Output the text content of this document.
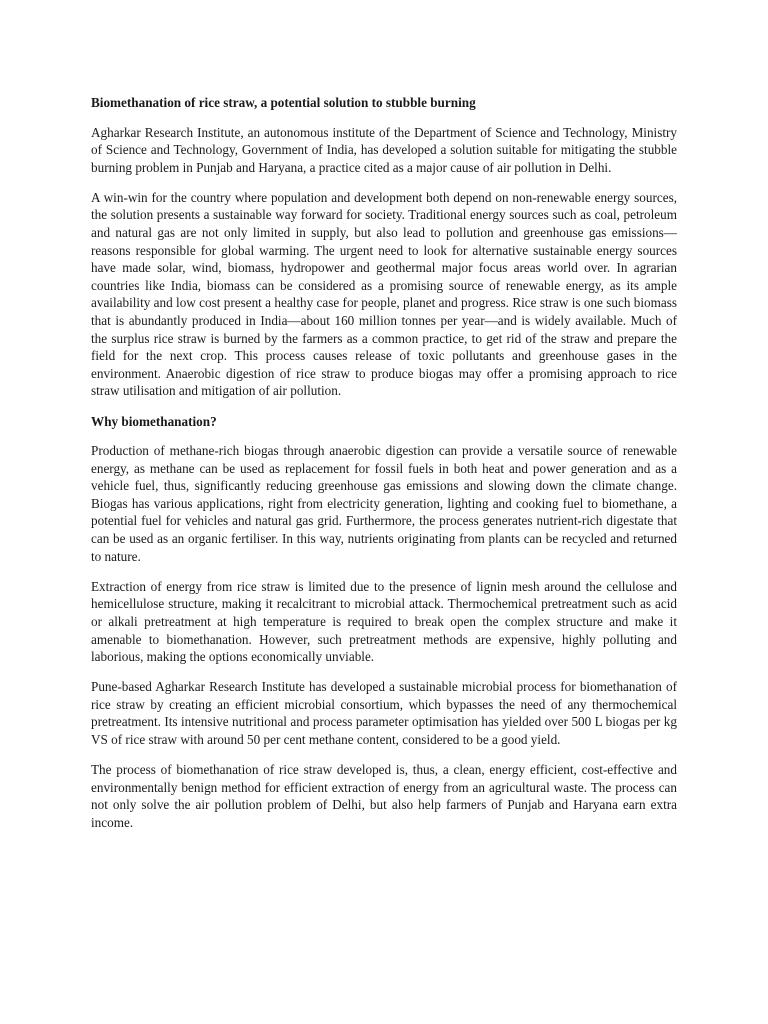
Biomethanation of rice straw, a potential solution to stubble burning

Agharkar Research Institute, an autonomous institute of the Department of Science and Technology, Ministry of Science and Technology, Government of India, has developed a solution suitable for mitigating the stubble burning problem in Punjab and Haryana, a practice cited as a major cause of air pollution in Delhi.

A win-win for the country where population and development both depend on non-renewable energy sources, the solution presents a sustainable way forward for society. Traditional energy sources such as coal, petroleum and natural gas are not only limited in supply, but also lead to pollution and greenhouse gas emissions—reasons responsible for global warming. The urgent need to look for alternative sustainable energy sources have made solar, wind, biomass, hydropower and geothermal major focus areas world over. In agrarian countries like India, biomass can be considered as a promising source of renewable energy, as its ample availability and low cost present a healthy case for people, planet and progress. Rice straw is one such biomass that is abundantly produced in India—about 160 million tonnes per year—and is widely available. Much of the surplus rice straw is burned by the farmers as a common practice, to get rid of the straw and prepare the field for the next crop. This process causes release of toxic pollutants and greenhouse gases in the environment. Anaerobic digestion of rice straw to produce biogas may offer a promising approach to rice straw utilisation and mitigation of air pollution.

Why biomethanation?

Production of methane-rich biogas through anaerobic digestion can provide a versatile source of renewable energy, as methane can be used as replacement for fossil fuels in both heat and power generation and as a vehicle fuel, thus, significantly reducing greenhouse gas emissions and slowing down the climate change. Biogas has various applications, right from electricity generation, lighting and cooking fuel to biomethane, a potential fuel for vehicles and natural gas grid. Furthermore, the process generates nutrient-rich digestate that can be used as an organic fertiliser. In this way, nutrients originating from plants can be recycled and returned to nature.

Extraction of energy from rice straw is limited due to the presence of lignin mesh around the cellulose and hemicellulose structure, making it recalcitrant to microbial attack. Thermochemical pretreatment such as acid or alkali pretreatment at high temperature is required to break open the complex structure and make it amenable to biomethanation. However, such pretreatment methods are expensive, highly polluting and laborious, making the options economically unviable.

Pune-based Agharkar Research Institute has developed a sustainable microbial process for biomethanation of rice straw by creating an efficient microbial consortium, which bypasses the need of any thermochemical pretreatment. Its intensive nutritional and process parameter optimisation has yielded over 500 L biogas per kg VS of rice straw with around 50 per cent methane content, considered to be a good yield.

The process of biomethanation of rice straw developed is, thus, a clean, energy efficient, cost-effective and environmentally benign method for efficient extraction of energy from an agricultural waste. The process can not only solve the air pollution problem of Delhi, but also help farmers of Punjab and Haryana earn extra income.
